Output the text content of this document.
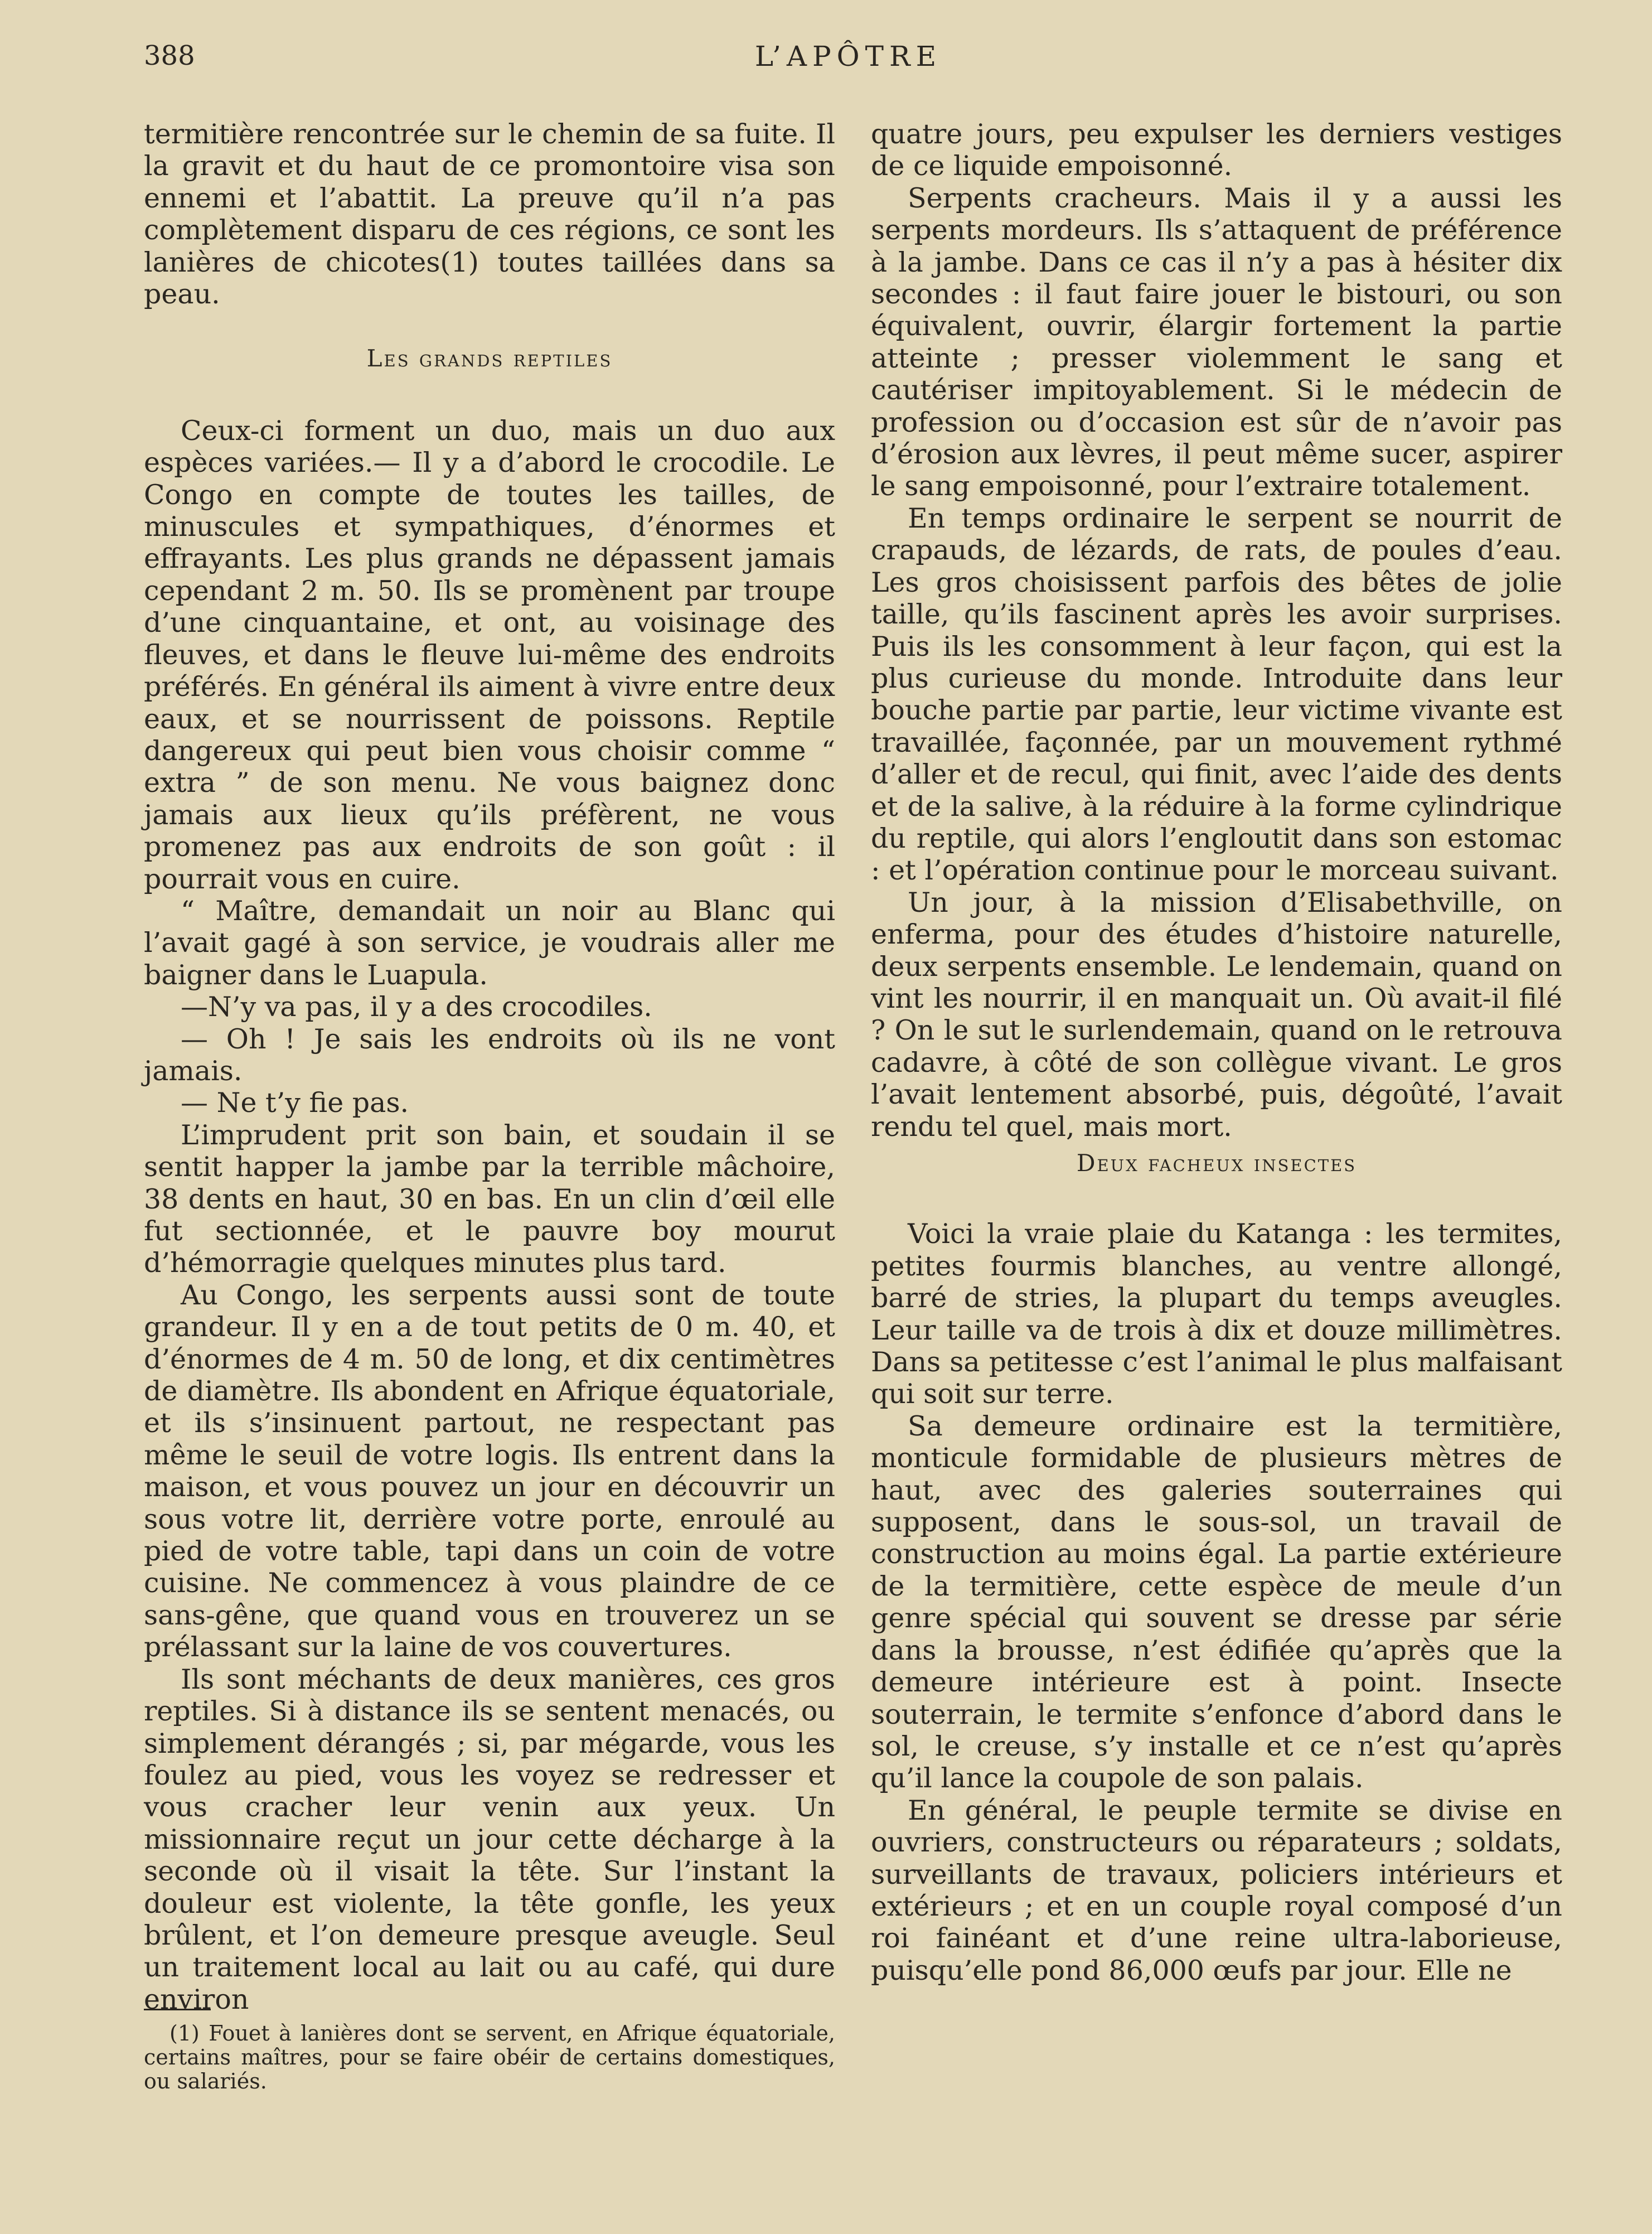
388	L’APÔTRE

termitière rencontrée sur le chemin de sa fuite. Il la gravit et du haut de ce promontoire visa son ennemi et l’abattit. La preuve qu’il n’a pas complètement disparu de ces régions, ce sont les lanières de chicotes(1) toutes taillées dans sa peau.

Les grands reptiles

Ceux-ci forment un duo, mais un duo aux espèces variées.— Il y a d’abord le crocodile. Le Congo en compte de toutes les tailles, de minuscules et sympathiques, d’énormes et effrayants. Les plus grands ne dépassent jamais cependant 2 m. 50. Ils se promènent par troupe d’une cinquantaine, et ont, au voisinage des fleuves, et dans le fleuve lui-même des endroits préférés. En général ils aiment à vivre entre deux eaux, et se nourrissent de poissons. Reptile dangereux qui peut bien vous choisir comme “ extra ” de son menu. Ne vous baignez donc jamais aux lieux qu’ils préfèrent, ne vous promenez pas aux endroits de son goût : il pourrait vous en cuire.

“ Maître, demandait un noir au Blanc qui l’avait gagé à son service, je voudrais aller me baigner dans le Luapula.

—N’y va pas, il y a des crocodiles.

— Oh ! Je sais les endroits où ils ne vont jamais.

— Ne t’y fie pas.

L’imprudent prit son bain, et soudain il se sentit happer la jambe par la terrible mâchoire, 38 dents en haut, 30 en bas. En un clin d’œil elle fut sectionnée, et le pauvre boy mourut d’hémorragie quelques minutes plus tard.

Au Congo, les serpents aussi sont de toute grandeur. Il y en a de tout petits de 0 m. 40, et d’énormes de 4 m. 50 de long, et dix centimètres de diamètre. Ils abondent en Afrique équatoriale, et ils s’insinuent partout, ne respectant pas même le seuil de votre logis. Ils entrent dans la maison, et vous pouvez un jour en découvrir un sous votre lit, derrière votre porte, enroulé au pied de votre table, tapi dans un coin de votre cuisine. Ne commencez à vous plaindre de ce sans-gêne, que quand vous en trouverez un se prélassant sur la laine de vos couvertures.

Ils sont méchants de deux manières, ces gros reptiles. Si à distance ils se sentent menacés, ou simplement dérangés ; si, par mégarde, vous les foulez au pied, vous les voyez se redresser et vous cracher leur venin aux yeux. Un missionnaire reçut un jour cette décharge à la seconde où il visait la tête. Sur l’instant la douleur est violente, la tête gonfle, les yeux brûlent, et l’on demeure presque aveugle. Seul un traitement local au lait ou au café, qui dure environ

(1) Fouet à lanières dont se servent, en Afrique équatoriale, certains maîtres, pour se faire obéir de certains domestiques, ou salariés.

quatre jours, peu expulser les derniers vestiges de ce liquide empoisonné.

Serpents cracheurs. Mais il y a aussi les serpents mordeurs. Ils s’attaquent de préférence à la jambe. Dans ce cas il n’y a pas à hésiter dix secondes : il faut faire jouer le bistouri, ou son équivalent, ouvrir, élargir fortement la partie atteinte ; presser violemment le sang et cautériser impitoyablement. Si le médecin de profession ou d’occasion est sûr de n’avoir pas d’érosion aux lèvres, il peut même sucer, aspirer le sang empoisonné, pour l’extraire totalement.

En temps ordinaire le serpent se nourrit de crapauds, de lézards, de rats, de poules d’eau. Les gros choisissent parfois des bêtes de jolie taille, qu’ils fascinent après les avoir surprises. Puis ils les consomment à leur façon, qui est la plus curieuse du monde. Introduite dans leur bouche partie par partie, leur victime vivante est travaillée, façonnée, par un mouvement rythmé d’aller et de recul, qui finit, avec l’aide des dents et de la salive, à la réduire à la forme cylindrique du reptile, qui alors l’engloutit dans son estomac : et l’opération continue pour le morceau suivant.

Un jour, à la mission d’Elisabethville, on enferma, pour des études d’histoire naturelle, deux serpents ensemble. Le lendemain, quand on vint les nourrir, il en manquait un. Où avait-il filé ? On le sut le surlendemain, quand on le retrouva cadavre, à côté de son collègue vivant. Le gros l’avait lentement absorbé, puis, dégoûté, l’avait rendu tel quel, mais mort.

Deux facheux insectes

Voici la vraie plaie du Katanga : les termites, petites fourmis blanches, au ventre allongé, barré de stries, la plupart du temps aveugles. Leur taille va de trois à dix et douze millimètres. Dans sa petitesse c’est l’animal le plus malfaisant qui soit sur terre.

Sa demeure ordinaire est la termitière, monticule formidable de plusieurs mètres de haut, avec des galeries souterraines qui supposent, dans le sous-sol, un travail de construction au moins égal. La partie extérieure de la termitière, cette espèce de meule d’un genre spécial qui souvent se dresse par série dans la brousse, n’est édifiée qu’après que la demeure intérieure est à point. Insecte souterrain, le termite s’enfonce d’abord dans le sol, le creuse, s’y installe et ce n’est qu’après qu’il lance la coupole de son palais.

En général, le peuple termite se divise en ouvriers, constructeurs ou réparateurs ; soldats, surveillants de travaux, policiers intérieurs et extérieurs ; et en un couple royal composé d’un roi fainéant et d’une reine ultra-laborieuse, puisqu’elle pond 86,000 œufs par jour. Elle ne
